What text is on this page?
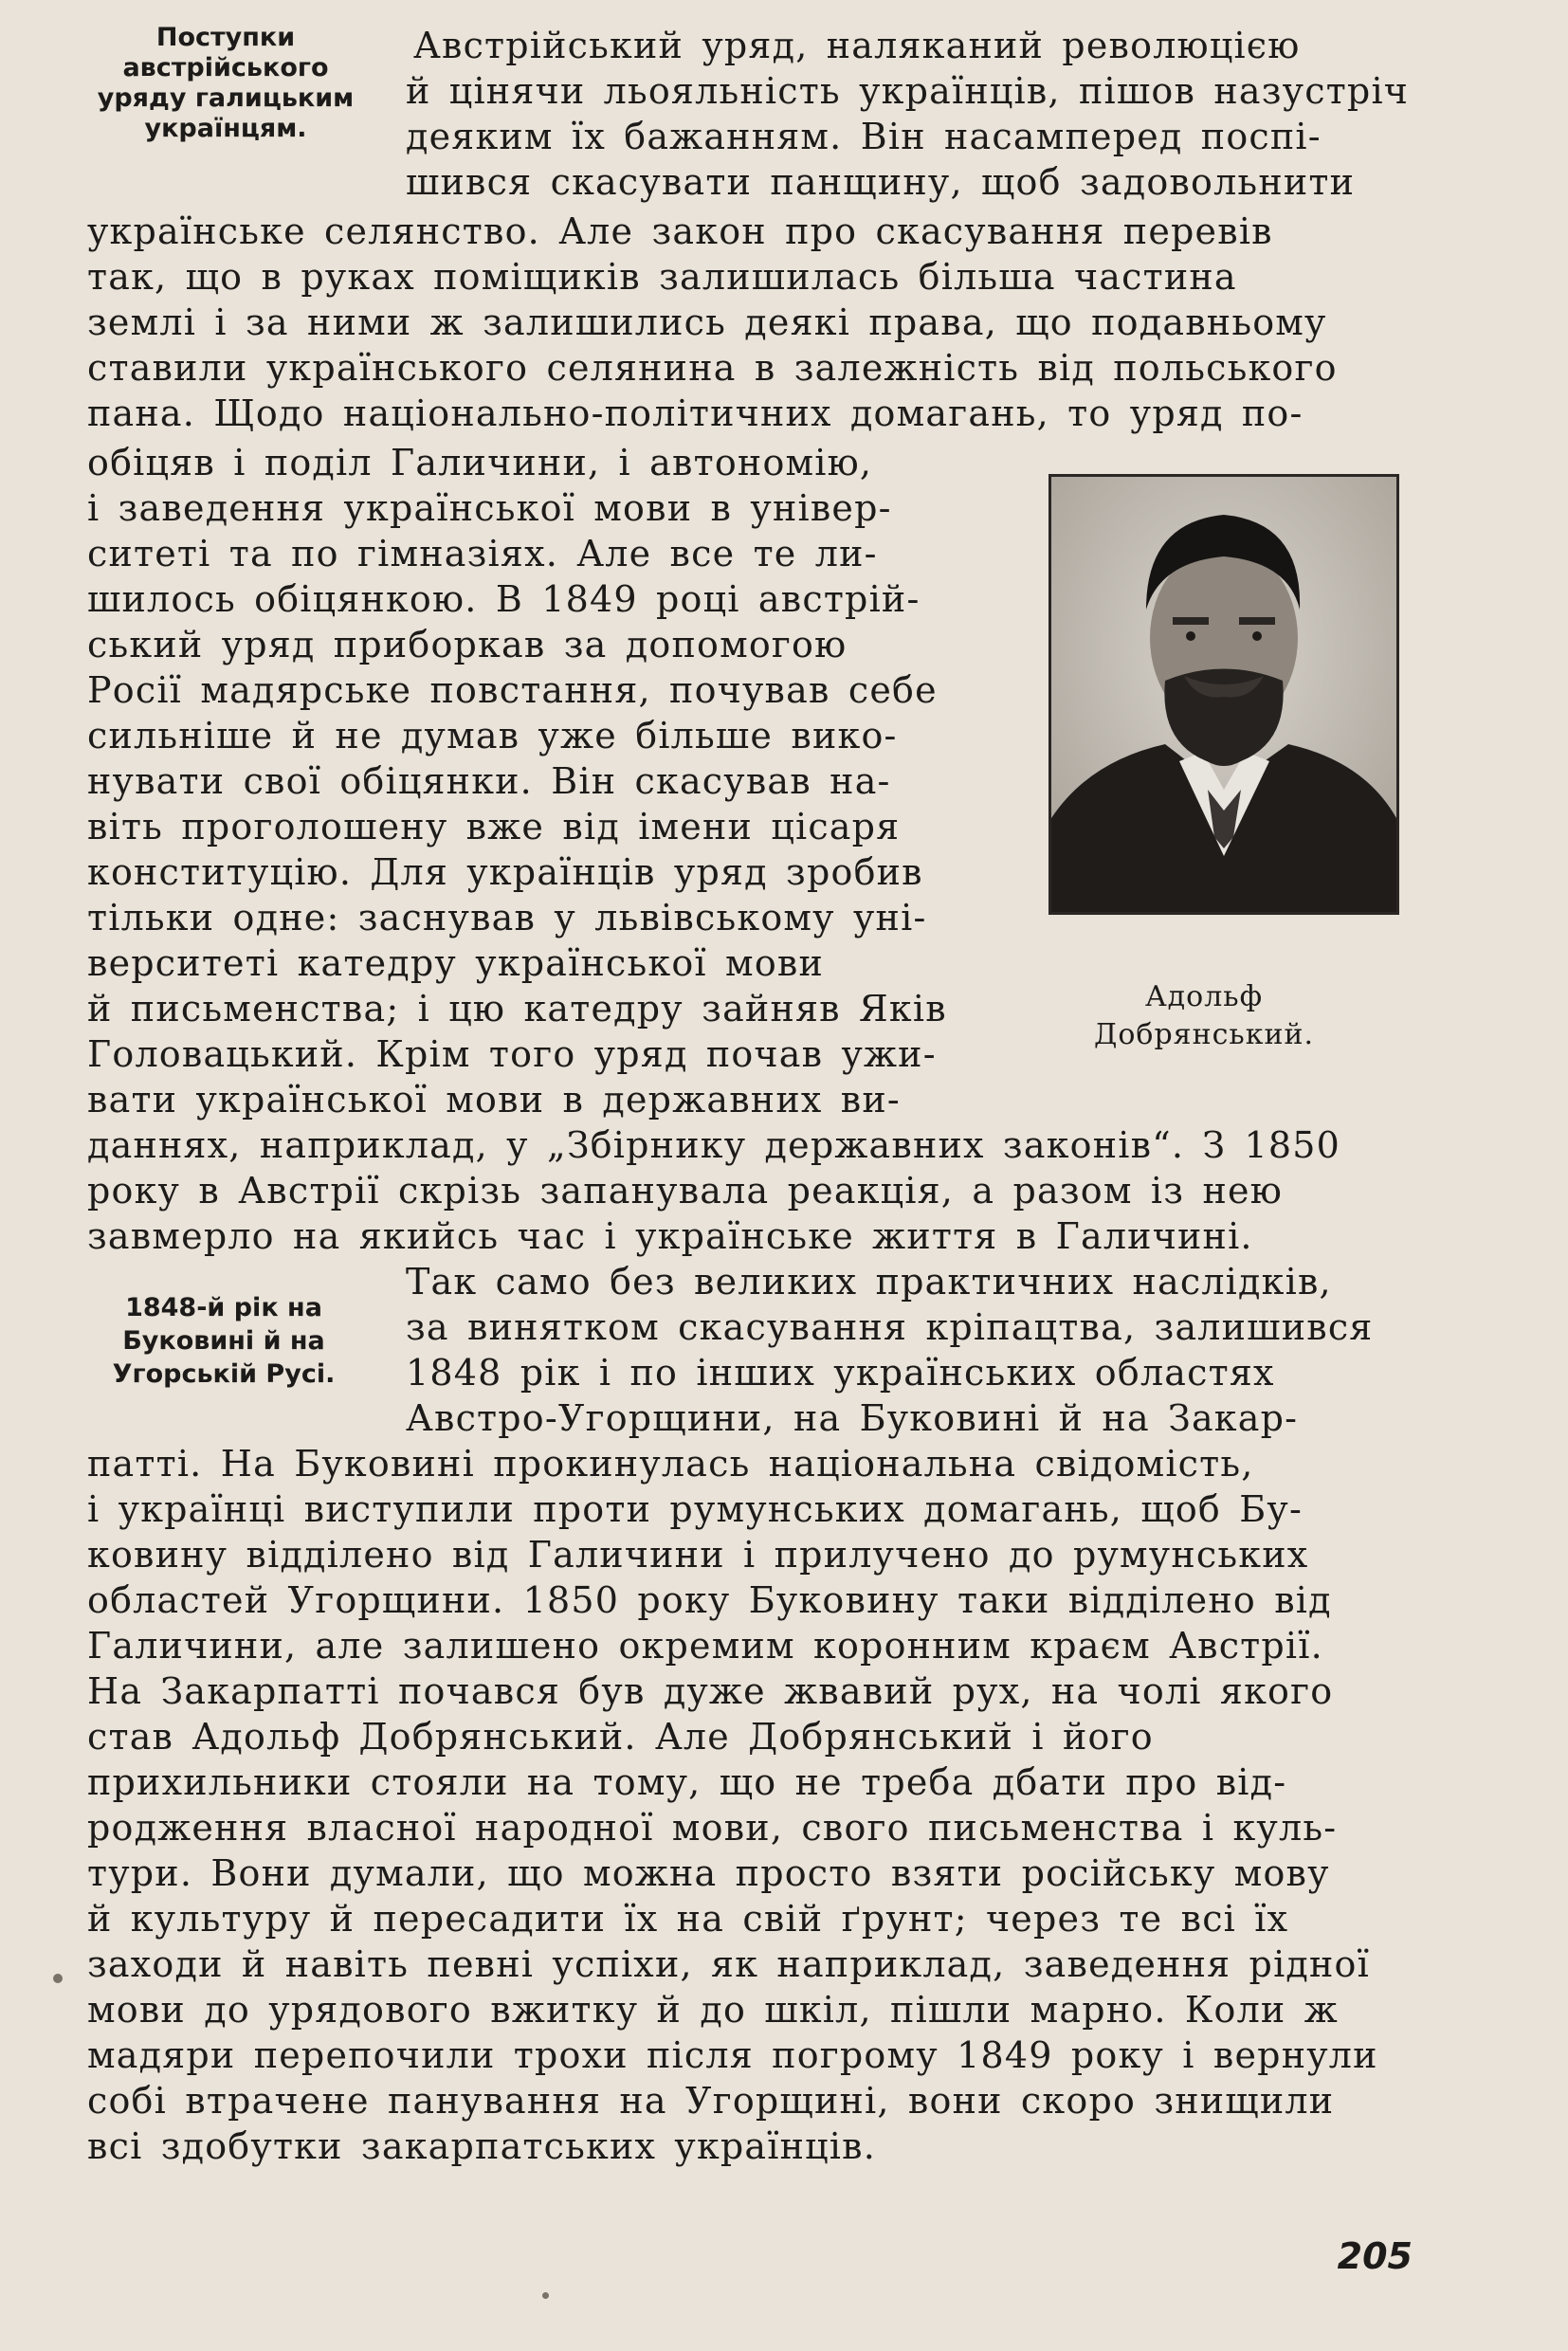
Поступки
австрійського
уряду галицьким
українцям.
1848-й рік на
Буковині й на
Угорській Русі.
Австрійський уряд, наляканий революцією
й цінячи льояльність українців, пішов назустріч
деяким їх бажанням. Він насамперед поспі-
шився скасувати панщину, щоб задовольнити
українське селянство. Але закон про скасування перевів
так, що в руках поміщиків залишилась більша частина
землі і за ними ж залишились деякі права, що подавньому
ставили українського селянина в залежність від польського
пана. Щодо національно-політичних домагань, то уряд по-
обіцяв і поділ Галичини, і автономію,
і заведення української мови в універ-
ситеті та по гімназіях. Але все те ли-
шилось обіцянкою. В 1849 році австрій-
ський уряд приборкав за допомогою
Росії мадярське повстання, почував себе
сильніше й не думав уже більше вико-
нувати свої обіцянки. Він скасував на-
віть проголошену вже від імени цісаря
конституцію. Для українців уряд зробив
тільки одне: заснував у львівському уні-
верситеті катедру української мови
й письменства; і цю катедру зайняв Яків
Головацький. Крім того уряд почав ужи-
вати української мови в державних ви-
даннях, наприклад, у „Збірнику державних законів“. З 1850
року в Австрії скрізь запанувала реакція, а разом із нею
завмерло на якийсь час і українське життя в Галичині.
Так само без великих практичних наслідків,
за винятком скасування кріпацтва, залишився
1848 рік і по інших українських областях
Австро-Угорщини, на Буковині й на Закар-
патті. На Буковині прокинулась національна свідомість,
і українці виступили проти румунських домагань, щоб Бу-
ковину відділено від Галичини і прилучено до румунських
областей Угорщини. 1850 року Буковину таки відділено від
Галичини, але залишено окремим коронним краєм Австрії.
На Закарпатті почався був дуже жвавий рух, на чолі якого
став Адольф Добрянський. Але Добрянський і його
прихильники стояли на тому, що не треба дбати про від-
родження власної народної мови, свого письменства і куль-
тури. Вони думали, що можна просто взяти російську мову
й культуру й пересадити їх на свій ґрунт; через те всі їх
заходи й навіть певні успіхи, як наприклад, заведення рідної
мови до урядового вжитку й до шкіл, пішли марно. Коли ж
мадяри перепочили трохи після погрому 1849 року і вернули
собі втрачене панування на Угорщині, вони скоро знищили
всі здобутки закарпатських українців.
Адольф
Добрянський.
205
